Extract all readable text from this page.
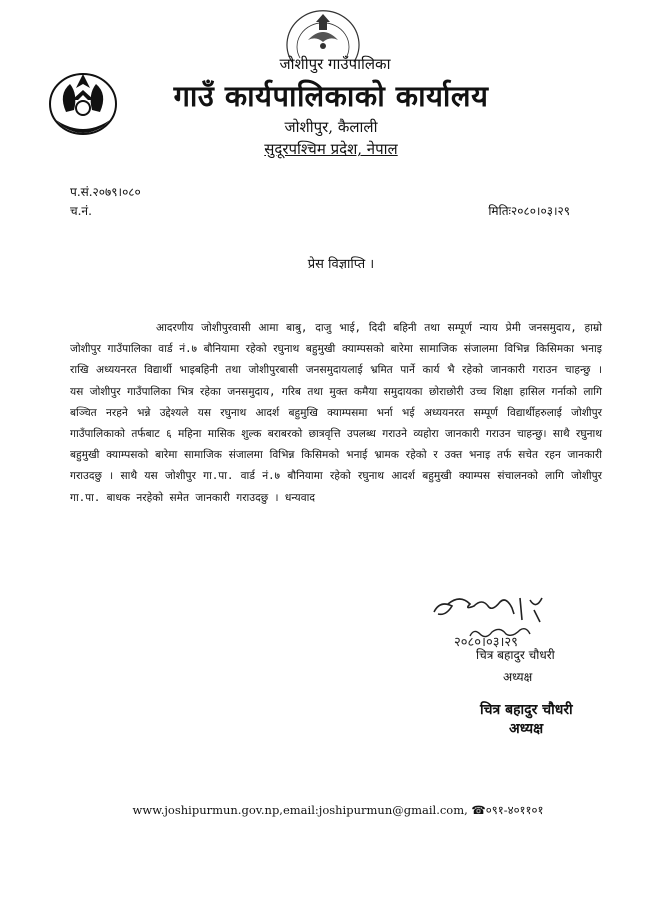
जोशीपुर गाउँपालिका
गाउँ कार्यपालिकाको कार्यालय
जोशीपुर, कैलाली
सुदूरपश्चिम प्रदेश, नेपाल
प.सं.२०७९।०८०
च.नं.	मितिः२०८०।०३।२९
प्रेस विज्ञाप्ति ।
आदरणीय जोशीपुरवासी आमा बाबु, दाजु भाई, दिदी बहिनी तथा सम्पूर्ण न्याय प्रेमी जनसमुदाय, हाम्रो जोशीपुर गाउँपालिका वार्ड नं.७ बौनियामा रहेको रघुनाथ बहुमुखी क्याम्पसको बारेमा सामाजिक संजालमा विभिन्न किसिमका भनाइ राखि अध्ययनरत विद्यार्थी भाइबहिनी तथा जोशीपुरबासी जनसमुदायलाई भ्रमित पार्ने कार्य भै रहेको जानकारी गराउन चाहन्छु । यस जोशीपुर गाउँपालिका भित्र रहेका जनसमुदाय, गरिब तथा मुक्त कमैया समुदायका छोराछोरी उच्च शिक्षा हासिल गर्नाको लागि बञ्चित नरहने भन्ने उद्देश्यले यस रघुनाथ आदर्श बहुमुखि क्याम्पसमा भर्ना भई अध्ययनरत सम्पूर्ण विद्यार्थीहरुलाई जोशीपुर गाउँपालिकाको तर्फबाट ६ महिना मासिक शुल्क बराबरको छात्रवृत्ति उपलब्ध गराउने व्यहोरा जानकारी गराउन चाहन्छु। साथै रघुनाथ बहुमुखी क्याम्पसको बारेमा सामाजिक संजालमा विभिन्न किसिमको भनाई भ्रामक रहेको र उक्त भनाइ तर्फ सचेत रहन जानकारी गराउदछु । साथै यस जोशीपुर गा.पा. वार्ड नं.७ बौनियामा रहेको रघुनाथ आदर्श बहुमुखी क्याम्पस संचालनको लागि जोशीपुर गा.पा. बाधक नरहेको समेत जानकारी गराउदछु । धन्यवाद
२०८०।०३।२९
चित्र बहादुर चौधरी
अध्यक्ष
चित्र बहादुर चौधरी
अध्यक्ष
www.joshipurmun.gov.np,email:joshipurmun@gmail.com, ☎०९१-४०११०१
